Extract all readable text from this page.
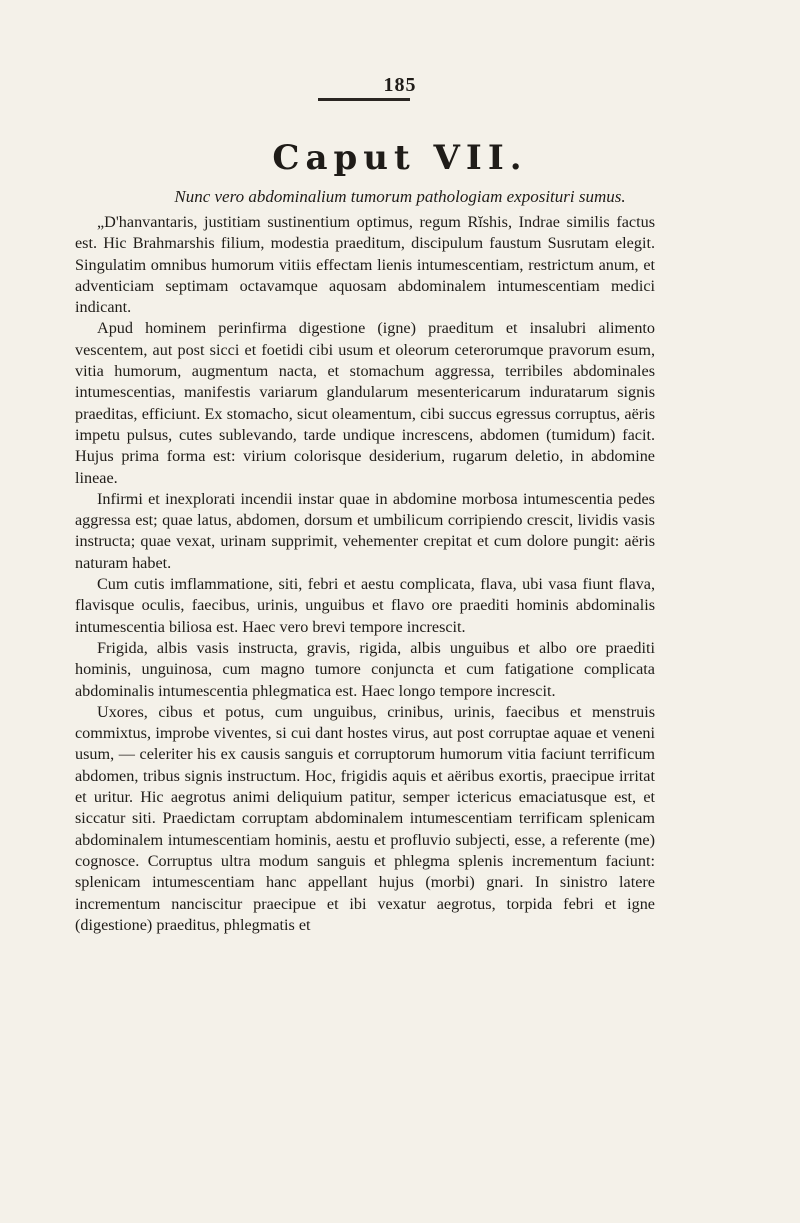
185
Caput VII.
Nunc vero abdominalium tumorum pathologiam exposituri sumus.

„D'hanvantaris, justitiam sustinentium optimus, regum Rĭshis, Indrae similis factus est. Hic Brahmarshis filium, modestia praeditum, discipulum faustum Susrutam elegit. Singulatim omnibus humorum vitiis effectam lienis intumescentiam, restrictum anum, et adventiciam septimam octavamque aquosam abdominalem intumescentiam medici indicant.

Apud hominem perinfirma digestione (igne) praeditum et insalubri alimento vescentem, aut post sicci et foetidi cibi usum et oleorum ceterorumque pravorum esum, vitia humorum, augmentum nacta, et stomachum aggressa, terribiles abdominales intumescentias, manifestis variarum glandularum mesentericarum induratarum signis praeditas, efficiunt. Ex stomacho, sicut oleamentum, cibi succus egressus corruptus, aëris impetu pulsus, cutes sublevando, tarde undique increscens, abdomen (tumidum) facit. Hujus prima forma est: virium colorisque desiderium, rugarum deletio, in abdomine lineae.

Infirmi et inexplorati incendii instar quae in abdomine morbosa intumescentia pedes aggressa est; quae latus, abdomen, dorsum et umbilicum corripiendo crescit, lividis vasis instructa; quae vexat, urinam supprimit, vehementer crepitat et cum dolore pungit: aëris naturam habet.

Cum cutis imflammatione, siti, febri et aestu complicata, flava, ubi vasa fiunt flava, flavisque oculis, faecibus, urinis, unguibus et flavo ore praediti hominis abdominalis intumescentia biliosa est. Haec vero brevi tempore increscit.

Frigida, albis vasis instructa, gravis, rigida, albis unguibus et albo ore praediti hominis, unguinosa, cum magno tumore conjuncta et cum fatigatione complicata abdominalis intumescentia phlegmatica est. Haec longo tempore increscit.

Uxores, cibus et potus, cum unguibus, crinibus, urinis, faecibus et menstruis commixtus, improbe viventes, si cui dant hostes virus, aut post corruptae aquae et veneni usum, — celeriter his ex causis sanguis et corruptorum humorum vitia faciunt terrificum abdomen, tribus signis instructum. Hoc, frigidis aquis et aëribus exortis, praecipue irritat et uritur. Hic aegrotus animi deliquium patitur, semper ictericus emaciatusque est, et siccatur siti. Praedictam corruptam abdominalem intumescentiam terrificam splenicam abdominalem intumescentiam hominis, aestu et profluvio subjecti, esse, a referente (me) cognosce. Corruptus ultra modum sanguis et phlegma splenis incrementum faciunt: splenicam intumescentiam hanc appellant hujus (morbi) gnari. In sinistro latere incrementum nanciscitur praecipue et ibi vexatur aegrotus, torpida febri et igne (digestione) praeditus, phlegmatis et
